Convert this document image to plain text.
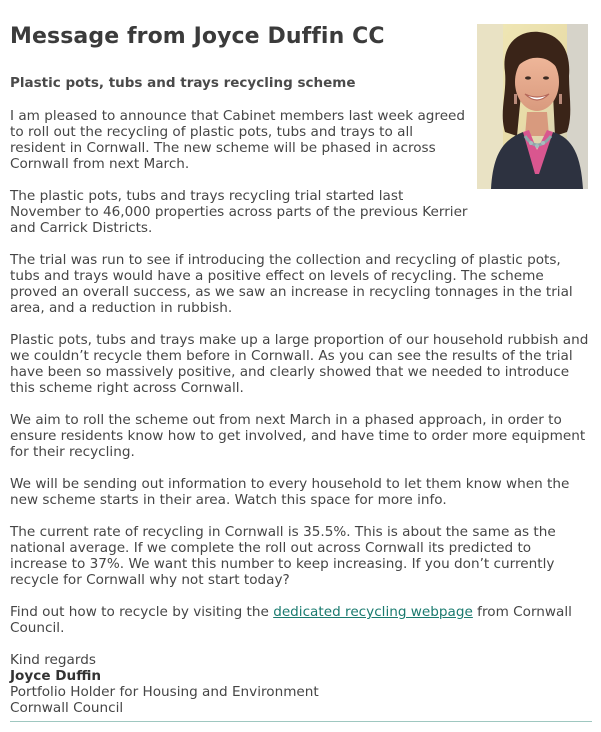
Message from Joyce Duffin CC
Plastic pots, tubs and trays recycling scheme

I am pleased to announce that Cabinet members last week agreed to roll out the recycling of plastic pots, tubs and trays to all resident in Cornwall. The new scheme will be phased in across Cornwall from next March.

The plastic pots, tubs and trays recycling trial started last November to 46,000 properties across parts of the previous Kerrier and Carrick Districts.

The trial was run to see if introducing the collection and recycling of plastic pots, tubs and trays would have a positive effect on levels of recycling. The scheme proved an overall success, as we saw an increase in recycling tonnages in the trial area, and a reduction in rubbish.

Plastic pots, tubs and trays make up a large proportion of our household rubbish and we couldn’t recycle them before in Cornwall. As you can see the results of the trial have been so massively positive, and clearly showed that we needed to introduce this scheme right across Cornwall.

We aim to roll the scheme out from next March in a phased approach, in order to ensure residents know how to get involved, and have time to order more equipment for their recycling.

We will be sending out information to every household to let them know when the new scheme starts in their area. Watch this space for more info.

The current rate of recycling in Cornwall is 35.5%. This is about the same as the national average. If we complete the roll out across Cornwall its predicted to increase to 37%. We want this number to keep increasing. If you don’t currently recycle for Cornwall why not start today?

Find out how to recycle by visiting the dedicated recycling webpage from Cornwall Council.

Kind regards
Joyce Duffin
Portfolio Holder for Housing and Environment
Cornwall Council
